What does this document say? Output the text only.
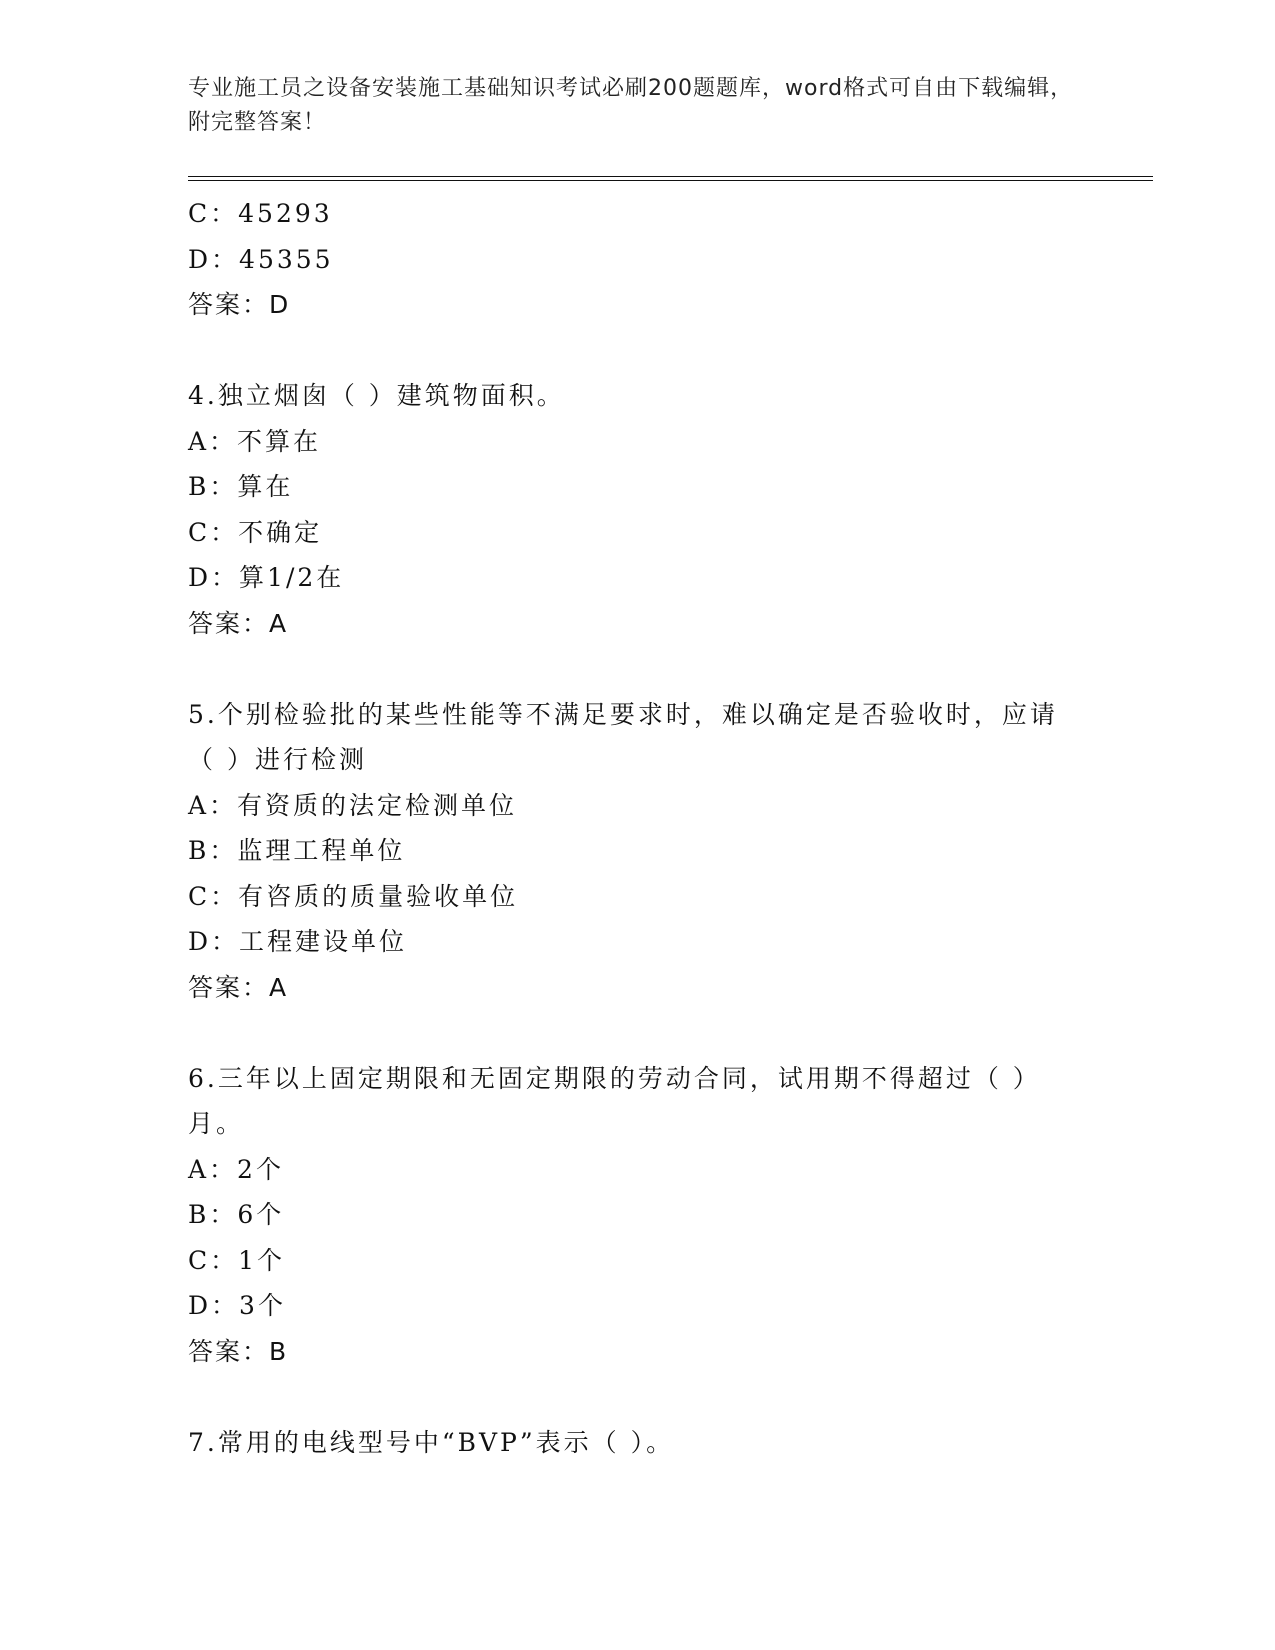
专业施工员之设备安装施工基础知识考试必刷200题题库，word格式可自由下载编辑，附完整答案！
C：45293
D：45355
答案：D
4.独立烟囱（ ）建筑物面积。
A：不算在
B：算在
C：不确定
D：算1/2在
答案：A
5.个别检验批的某些性能等不满足要求时，难以确定是否验收时，应请（ ）进行检测
A：有资质的法定检测单位
B：监理工程单位
C：有咨质的质量验收单位
D：工程建设单位
答案：A
6.三年以上固定期限和无固定期限的劳动合同，试用期不得超过（ ）月。
A：2个
B：6个
C：1个
D：3个
答案：B
7.常用的电线型号中“BVP”表示（ ）。
